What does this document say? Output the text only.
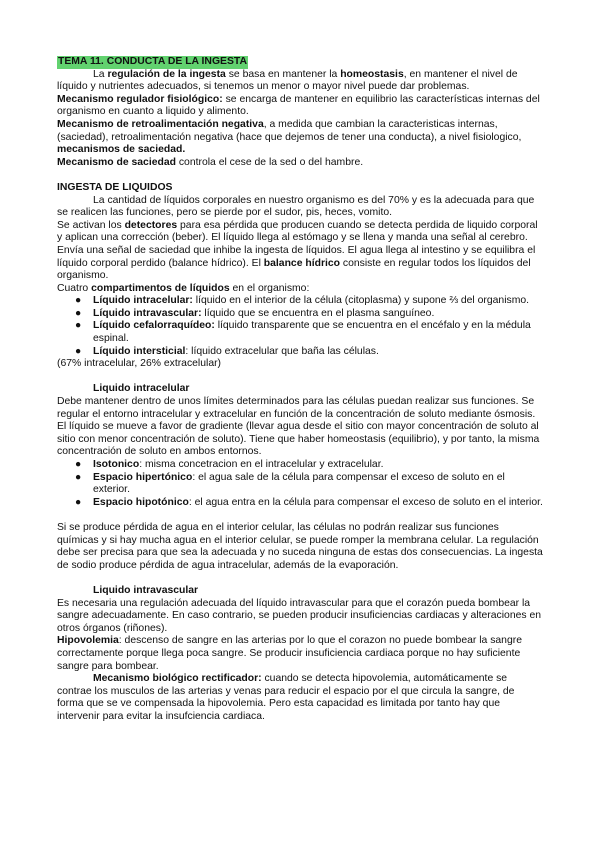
TEMA 11. CONDUCTA DE LA INGESTA

La regulación de la ingesta se basa en mantener la homeostasis, en mantener el nivel de líquido y nutrientes adecuados, si tenemos un menor o mayor nivel puede dar problemas.

Mecanismo regulador fisiológico: se encarga de mantener en equilibrio las características internas del organismo en cuanto a liquido y alimento.

Mecanismo de retroalimentación negativa, a medida que cambian la caracteristicas internas, (saciedad), retroalimentación negativa (hace que dejemos de tener una conducta), a nivel fisiologico, mecanismos de saciedad.

Mecanismo de saciedad controla el cese de la sed o del hambre.

INGESTA DE LIQUIDOS

La cantidad de líquidos corporales en nuestro organismo es del 70% y es la adecuada para que se realicen las funciones, pero se pierde por el sudor, pis, heces, vomito.

Se activan los detectores para esa pérdida que producen cuando se detecta perdida de liquido corporal y aplican una corrección (beber). El líquido llega al estómago y se llena y manda una señal al cerebro. Envía una señal de saciedad que inhibe la ingesta de líquidos. El agua llega al intestino y se equilibra el líquido corporal perdido (balance hídrico). El balance hídrico consiste en regular todos los líquidos del organismo.

Cuatro compartimentos de líquidos en el organismo:

● Líquido intracelular: líquido en el interior de la célula (citoplasma) y supone ⅔ del organismo.
● Líquido intravascular: líquido que se encuentra en el plasma sanguíneo.
● Líquido cefalorraquídeo: líquido transparente que se encuentra en el encéfalo y en la médula espinal.
● Líquido intersticial: líquido extracelular que baña las células.

(67% intracelular, 26% extracelular)

Liquido intracelular

Debe mantener dentro de unos límites determinados para las células puedan realizar sus funciones. Se regular el entorno intracelular y extracelular en función de la concentración de soluto mediante ósmosis. El líquido se mueve a favor de gradiente (llevar agua desde el sitio con mayor concentración de soluto al sitio con menor concentración de soluto). Tiene que haber homeostasis (equilibrio), y por tanto, la misma concentración de soluto en ambos entornos.

● Isotonico: misma concetracion en el intracelular y extracelular.
● Espacio hipertónico: el agua sale de la célula para compensar el exceso de soluto en el exterior.
● Espacio hipotónico: el agua entra en la célula para compensar el exceso de soluto en el interior.

Si se produce pérdida de agua en el interior celular, las células no podrán realizar sus funciones químicas y si hay mucha agua en el interior celular, se puede romper la membrana celular. La regulación debe ser precisa para que sea la adecuada y no suceda ninguna de estas dos consecuencias. La ingesta de sodio produce pérdida de agua intracelular, además de la evaporación.

Liquido intravascular

Es necesaria una regulación adecuada del líquido intravascular para que el corazón pueda bombear la sangre adecuadamente. En caso contrario, se pueden producir insuficiencias cardiacas y alteraciones en otros órganos (riñones).

Hipovolemia: descenso de sangre en las arterias por lo que el corazon no puede bombear la sangre correctamente porque llega poca sangre. Se producir insuficiencia cardiaca porque no hay suficiente sangre para bombear.

Mecanismo biológico rectificador: cuando se detecta hipovolemia, automáticamente se contrae los musculos de las arterias y venas para reducir el espacio por el que circula la sangre, de forma que se ve compensada la hipovolemia. Pero esta capacidad es limitada por tanto hay que intervenir para evitar la insufciencia cardiaca.
